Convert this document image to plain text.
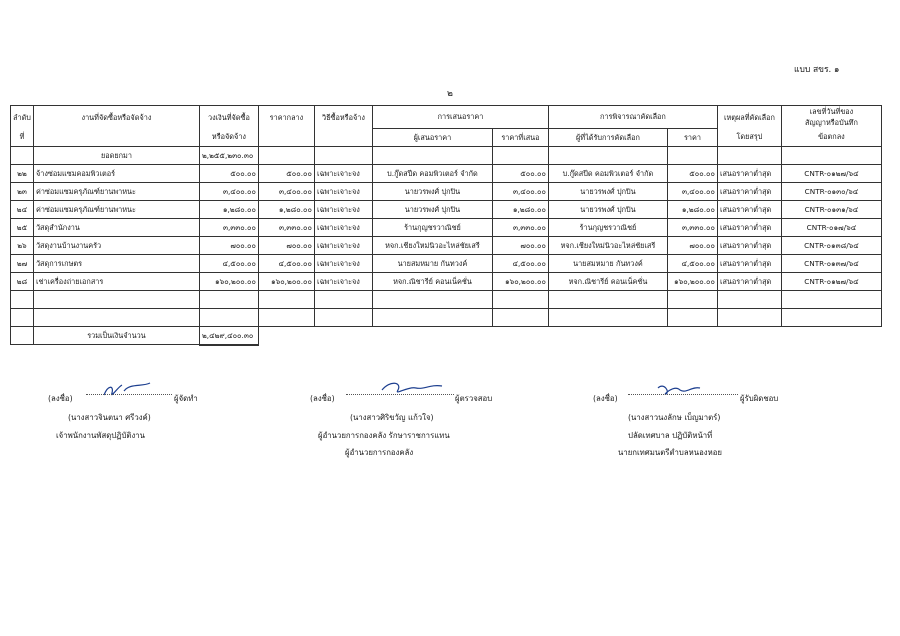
แบบ สขร. ๑
๒
ลำดับ	งานที่จัดซื้อหรือจัดจ้าง	วงเงินที่จัดซื้อ	ราคากลาง	วิธีซื้อหรือจ้าง	การเสนอราคา		การพิจารณาคัดเลือก		เหตุผลที่คัดเลือก	เลขที่วันที่ของ
สัญญาหรือบันทึก

ที่		หรือจัดจ้าง			ผู้เสนอราคา	ราคาที่เสนอ	ผู้ที่ได้รับการคัดเลือก	ราคา	โดยสรุป	ข้อตกลง
	ยอดยกมา	๒,๒๕๕,๒๓๐.๓๐								
๒๒	จ้างซ่อมแซมคอมพิวเตอร์	๕๐๐.๐๐	๕๐๐.๐๐	เฉพาะเจาะจง	บ.กู๊ดสปีด คอมพิวเตอร์ จำกัด	๕๐๐.๐๐	บ.กู๊ดสปีด คอมพิวเตอร์ จำกัด	๕๐๐.๐๐	เสนอราคาต่ำสุด	CNTR-๐๑๒๗/๖๔
๒๓	ค่าซ่อมแซมครุภัณฑ์ยานพาหนะ	๓,๔๐๐.๐๐	๓,๔๐๐.๐๐	เฉพาะเจาะจง	นายวรพงศ์ ปุกปิน	๓,๔๐๐.๐๐	นายวรพงศ์ ปุกปิน	๓,๔๐๐.๐๐	เสนอราคาต่ำสุด	CNTR-๐๑๓๐/๖๔
๒๔	ค่าซ่อมแซมครุภัณฑ์ยานพาหนะ	๑,๒๘๐.๐๐	๑,๒๘๐.๐๐	เฉพาะเจาะจง	นายวรพงศ์ ปุกปิน	๑,๒๘๐.๐๐	นายวรพงศ์ ปุกปิน	๑,๒๘๐.๐๐	เสนอราคาต่ำสุด	CNTR-๐๑๓๑/๖๔
๒๕	วัสดุสำนักงาน	๓,๓๓๐.๐๐	๓,๓๓๐.๐๐	เฉพาะเจาะจง	ร้านกุญชรวาณิชย์	๓,๓๓๐.๐๐	ร้านกุญชรวาณิชย์	๓,๓๓๐.๐๐	เสนอราคาต่ำสุด	CNTR-๐๑๗/๖๔
๒๖	วัสดุงานบ้านงานครัว	๗๐๐.๐๐	๗๐๐.๐๐	เฉพาะเจาะจง	หจก.เชียงใหม่นิวอะไหล่ชัยเสรี	๗๐๐.๐๐	หจก.เชียงใหม่นิวอะไหล่ชัยเสรี	๗๐๐.๐๐	เสนอราคาต่ำสุด	CNTR-๐๑๓๘/๖๔
๒๗	วัสดุการเกษตร	๔,๕๐๐.๐๐	๔,๕๐๐.๐๐	เฉพาะเจาะจง	นายสมหมาย กันทวงค์	๔,๕๐๐.๐๐	นายสมหมาย กันทวงค์	๔,๕๐๐.๐๐	เสนอราคาต่ำสุด	CNTR-๐๑๓๗/๖๔
๒๘	เช่าเครื่องถ่ายเอกสาร	๑๖๐,๒๐๐.๐๐	๑๖๐,๒๐๐.๐๐	เฉพาะเจาะจง	หจก.ณิชารีย์ คอนเน็คชั่น	๑๖๐,๒๐๐.๐๐	หจก.ณิชารีย์ คอนเน็คชั่น	๑๖๐,๒๐๐.๐๐	เสนอราคาต่ำสุด	CNTR-๐๑๒๗/๖๔

	รวมเป็นเงินจำนวน	๒,๔๒๙,๔๐๐.๓๐								
(ลงชื่อ)	ผู้จัดทำ
(นางสาวจินตนา ศรีวงค์)
เจ้าพนักงานพัสดุปฏิบัติงาน
(ลงชื่อ)	ผู้ตรวจสอบ
(นางสาวศิริขวัญ แก้วใจ)
ผู้อำนวยการกองคลัง รักษาราชการแทน
ผู้อำนวยการกองคลัง
(ลงชื่อ)	ผู้รับผิดชอบ
(นางสาวนงลักษ เบ็ญมาตร์)
ปลัดเทศบาล ปฏิบัติหน้าที่
นายกเทศมนตรีตำบลหนองหอย
